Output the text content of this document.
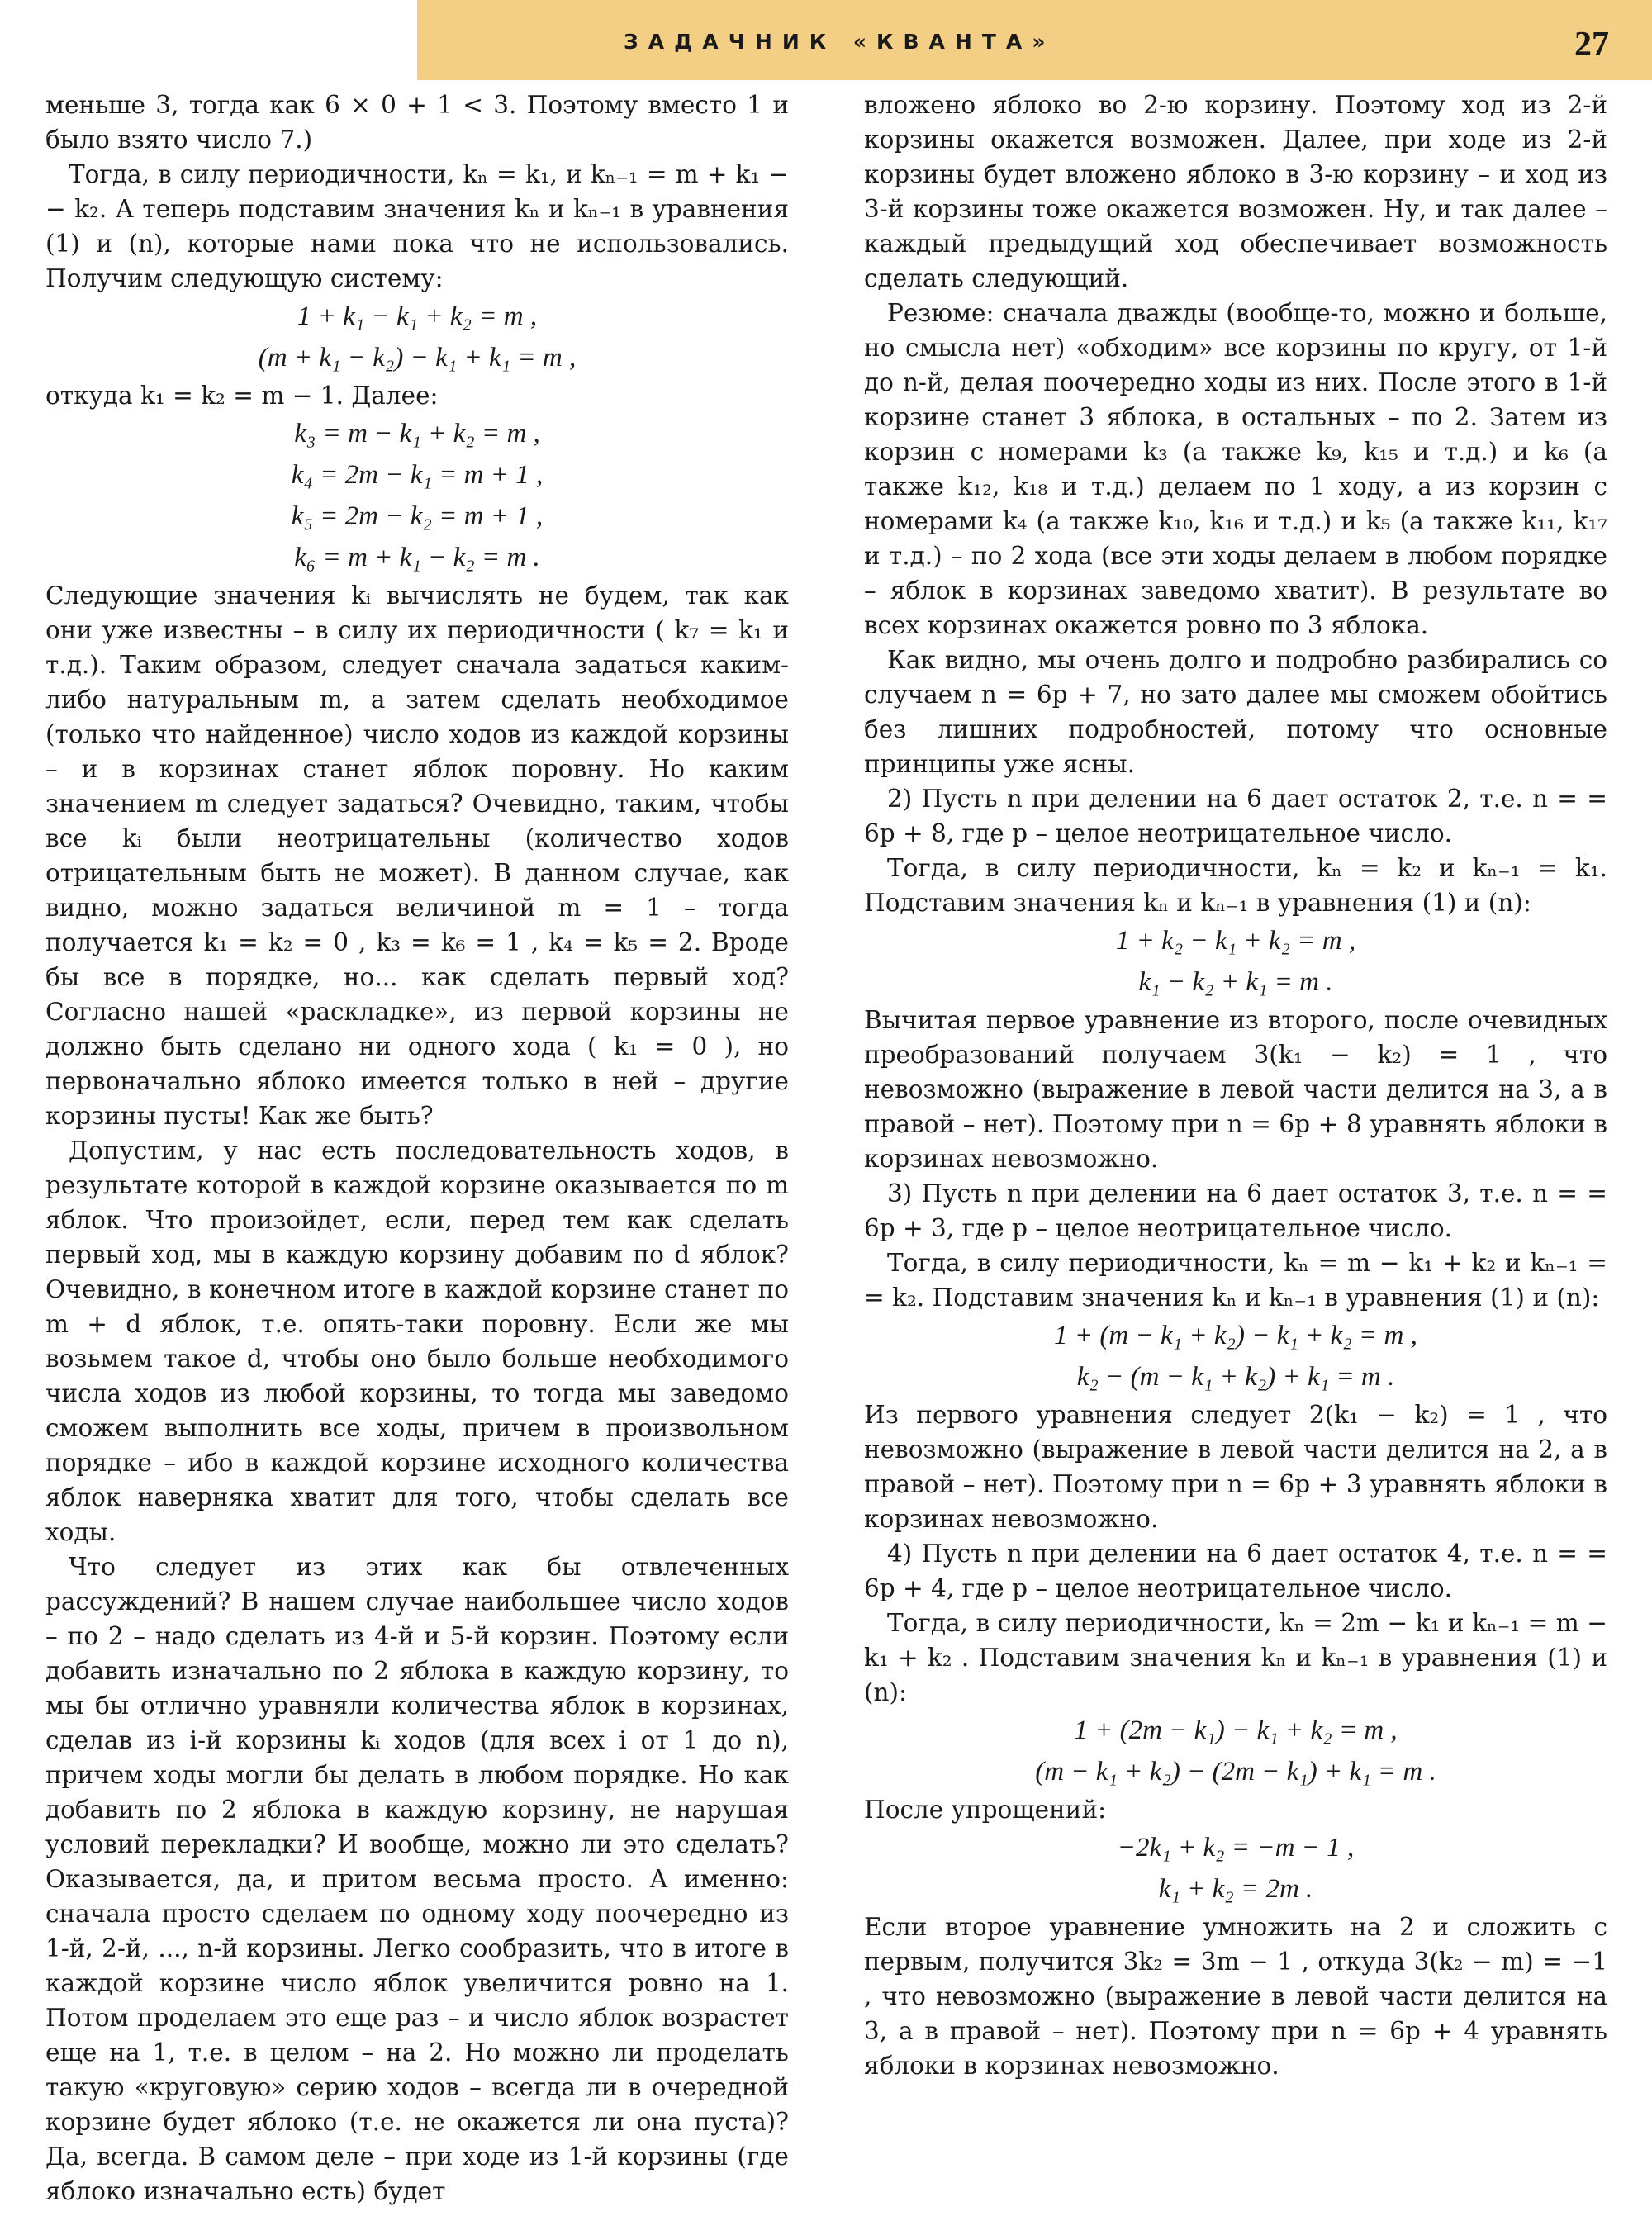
ЗАДАЧНИК «КВАНТА»	27

меньше 3, тогда как 6 × 0 + 1 < 3. Поэтому вместо 1 и было взято число 7.)

Тогда, в силу периодичности, kₙ = k₁, и kₙ₋₁ = m + k₁ − − k₂. А теперь подставим значения kₙ и kₙ₋₁ в уравнения (1) и (n), которые нами пока что не использовались. Получим следующую систему:

1 + k₁ − k₁ + k₂ = m ,

(m + k₁ − k₂) − k₁ + k₁ = m ,

откуда k₁ = k₂ = m − 1. Далее:

k₃ = m − k₁ + k₂ = m ,

k₄ = 2m − k₁ = m + 1 ,

k₅ = 2m − k₂ = m + 1 ,

k₆ = m + k₁ − k₂ = m .

Следующие значения kᵢ вычислять не будем, так как они уже известны – в силу их периодичности ( k₇ = k₁ и т.д.). Таким образом, следует сначала задаться каким-либо натуральным m, а затем сделать необходимое (только что найденное) число ходов из каждой корзины – и в корзинах станет яблок поровну. Но каким значением m следует задаться? Очевидно, таким, чтобы все kᵢ были неотрицательны (количество ходов отрицательным быть не может). В данном случае, как видно, можно задаться величиной m = 1 – тогда получается k₁ = k₂ = 0 , k₃ = k₆ = 1 , k₄ = k₅ = 2. Вроде бы все в порядке, но... как сделать первый ход? Согласно нашей «раскладке», из первой корзины не должно быть сделано ни одного хода ( k₁ = 0 ), но первоначально яблоко имеется только в ней – другие корзины пусты! Как же быть?

Допустим, у нас есть последовательность ходов, в результате которой в каждой корзине оказывается по m яблок. Что произойдет, если, перед тем как сделать первый ход, мы в каждую корзину добавим по d яблок? Очевидно, в конечном итоге в каждой корзине станет по m + d яблок, т.е. опять-таки поровну. Если же мы возьмем такое d, чтобы оно было больше необходимого числа ходов из любой корзины, то тогда мы заведомо сможем выполнить все ходы, причем в произвольном порядке – ибо в каждой корзине исходного количества яблок наверняка хватит для того, чтобы сделать все ходы.

Что следует из этих как бы отвлеченных рассуждений? В нашем случае наибольшее число ходов – по 2 – надо сделать из 4-й и 5-й корзин. Поэтому если добавить изначально по 2 яблока в каждую корзину, то мы бы отлично уравняли количества яблок в корзинах, сделав из i-й корзины kᵢ ходов (для всех i от 1 до n), причем ходы могли бы делать в любом порядке. Но как добавить по 2 яблока в каждую корзину, не нарушая условий перекладки? И вообще, можно ли это сделать? Оказывается, да, и притом весьма просто. А именно: сначала просто сделаем по одному ходу поочередно из 1-й, 2-й, ..., n-й корзины. Легко сообразить, что в итоге в каждой корзине число яблок увеличится ровно на 1. Потом проделаем это еще раз – и число яблок возрастет еще на 1, т.е. в целом – на 2. Но можно ли проделать такую «круговую» серию ходов – всегда ли в очередной корзине будет яблоко (т.е. не окажется ли она пуста)? Да, всегда. В самом деле – при ходе из 1-й корзины (где яблоко изначально есть) будет

вложено яблоко во 2-ю корзину. Поэтому ход из 2-й корзины окажется возможен. Далее, при ходе из 2-й корзины будет вложено яблоко в 3-ю корзину – и ход из 3-й корзины тоже окажется возможен. Ну, и так далее – каждый предыдущий ход обеспечивает возможность сделать следующий.

Резюме: сначала дважды (вообще-то, можно и больше, но смысла нет) «обходим» все корзины по кругу, от 1-й до n-й, делая поочередно ходы из них. После этого в 1-й корзине станет 3 яблока, в остальных – по 2. Затем из корзин с номерами k₃ (а также k₉, k₁₅ и т.д.) и k₆ (а также k₁₂, k₁₈ и т.д.) делаем по 1 ходу, а из корзин с номерами k₄ (а также k₁₀, k₁₆ и т.д.) и k₅ (а также k₁₁, k₁₇ и т.д.) – по 2 хода (все эти ходы делаем в любом порядке – яблок в корзинах заведомо хватит). В результате во всех корзинах окажется ровно по 3 яблока.

Как видно, мы очень долго и подробно разбирались со случаем n = 6p + 7, но зато далее мы сможем обойтись без лишних подробностей, потому что основные принципы уже ясны.

2) Пусть n при делении на 6 дает остаток 2, т.е. n = = 6p + 8, где p – целое неотрицательное число.

Тогда, в силу периодичности, kₙ = k₂ и kₙ₋₁ = k₁. Подставим значения kₙ и kₙ₋₁ в уравнения (1) и (n):

1 + k₂ − k₁ + k₂ = m ,

k₁ − k₂ + k₁ = m .

Вычитая первое уравнение из второго, после очевидных преобразований получаем 3(k₁ − k₂) = 1 , что невозможно (выражение в левой части делится на 3, а в правой – нет). Поэтому при n = 6p + 8 уравнять яблоки в корзинах невозможно.

3) Пусть n при делении на 6 дает остаток 3, т.е. n = = 6p + 3, где p – целое неотрицательное число.

Тогда, в силу периодичности, kₙ = m − k₁ + k₂ и kₙ₋₁ = = k₂. Подставим значения kₙ и kₙ₋₁ в уравнения (1) и (n):

1 + (m − k₁ + k₂) − k₁ + k₂ = m ,

k₂ − (m − k₁ + k₂) + k₁ = m .

Из первого уравнения следует 2(k₁ − k₂) = 1 , что невозможно (выражение в левой части делится на 2, а в правой – нет). Поэтому при n = 6p + 3 уравнять яблоки в корзинах невозможно.

4) Пусть n при делении на 6 дает остаток 4, т.е. n = = 6p + 4, где p – целое неотрицательное число.

Тогда, в силу периодичности, kₙ = 2m − k₁ и kₙ₋₁ = m − k₁ + k₂ . Подставим значения kₙ и kₙ₋₁ в уравнения (1) и (n):

1 + (2m − k₁) − k₁ + k₂ = m ,

(m − k₁ + k₂) − (2m − k₁) + k₁ = m .

После упрощений:

−2k₁ + k₂ = −m − 1 ,

k₁ + k₂ = 2m .

Если второе уравнение умножить на 2 и сложить с первым, получится 3k₂ = 3m − 1 , откуда 3(k₂ − m) = −1 , что невозможно (выражение в левой части делится на 3, а в правой – нет). Поэтому при n = 6p + 4 уравнять яблоки в корзинах невозможно.
